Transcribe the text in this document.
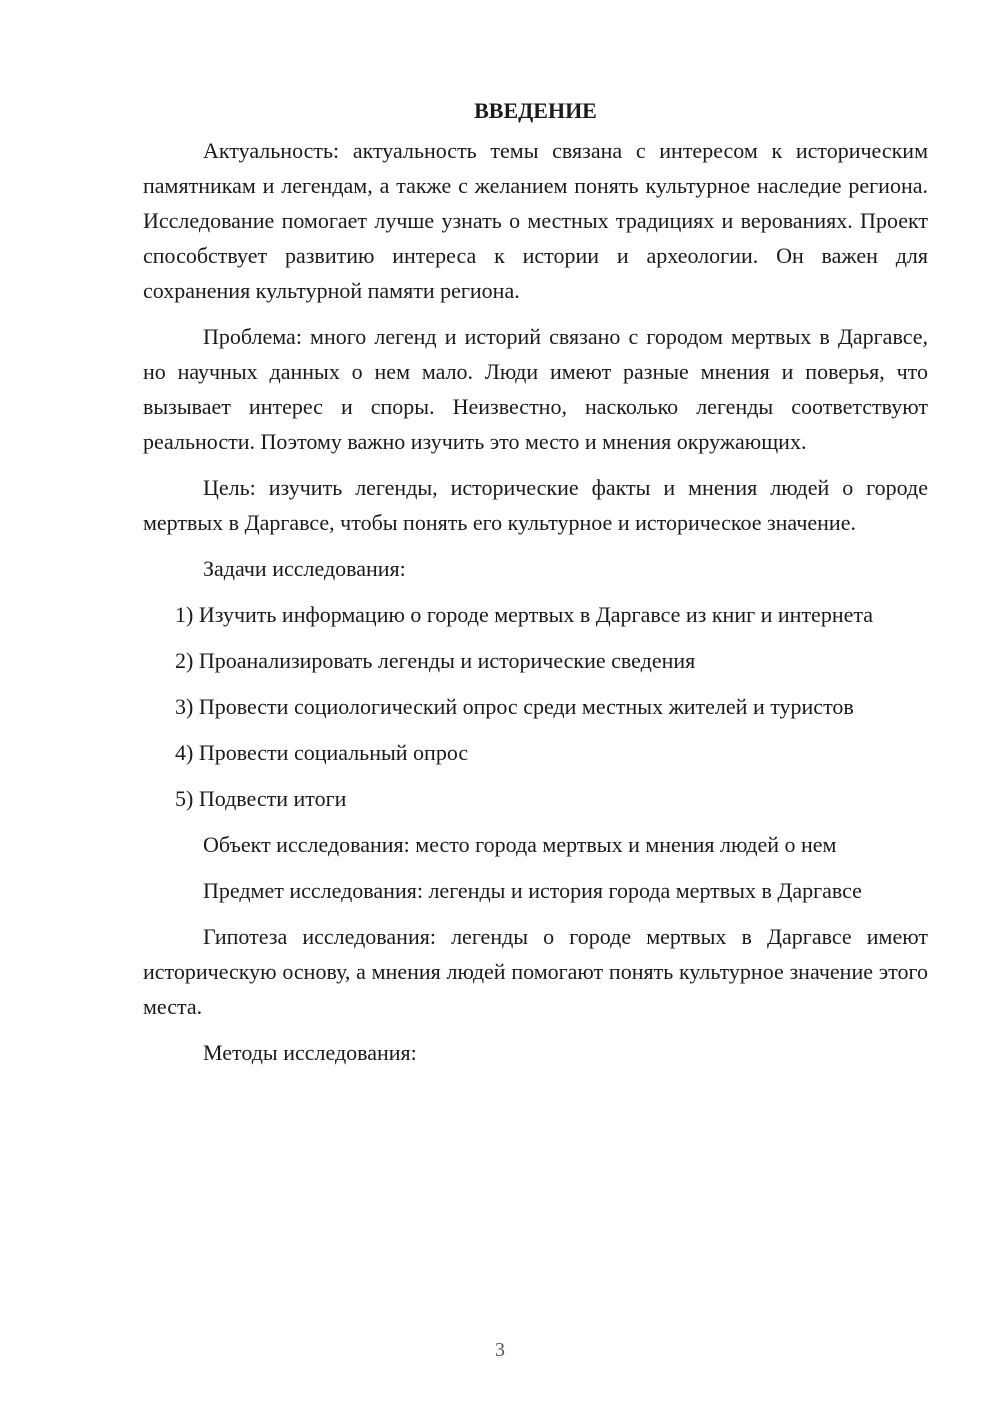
ВВЕДЕНИЕ

Актуальность: актуальность темы связана с интересом к историческим памятникам и легендам, а также с желанием понять культурное наследие региона. Исследование помогает лучше узнать о местных традициях и верованиях. Проект способствует развитию интереса к истории и археологии. Он важен для сохранения культурной памяти региона.

Проблема: много легенд и историй связано с городом мертвых в Даргавсе, но научных данных о нем мало. Люди имеют разные мнения и поверья, что вызывает интерес и споры. Неизвестно, насколько легенды соответствуют реальности. Поэтому важно изучить это место и мнения окружающих.

Цель: изучить легенды, исторические факты и мнения людей о городе мертвых в Даргавсе, чтобы понять его культурное и историческое значение.

Задачи исследования:

1) Изучить информацию о городе мертвых в Даргавсе из книг и интернета

2) Проанализировать легенды и исторические сведения

3) Провести социологический опрос среди местных жителей и туристов

4) Провести социальный опрос

5) Подвести итоги

Объект исследования: место города мертвых и мнения людей о нем

Предмет исследования: легенды и история города мертвых в Даргавсе

Гипотеза исследования: легенды о городе мертвых в Даргавсе имеют историческую основу, а мнения людей помогают понять культурное значение этого места.

Методы исследования:

3
